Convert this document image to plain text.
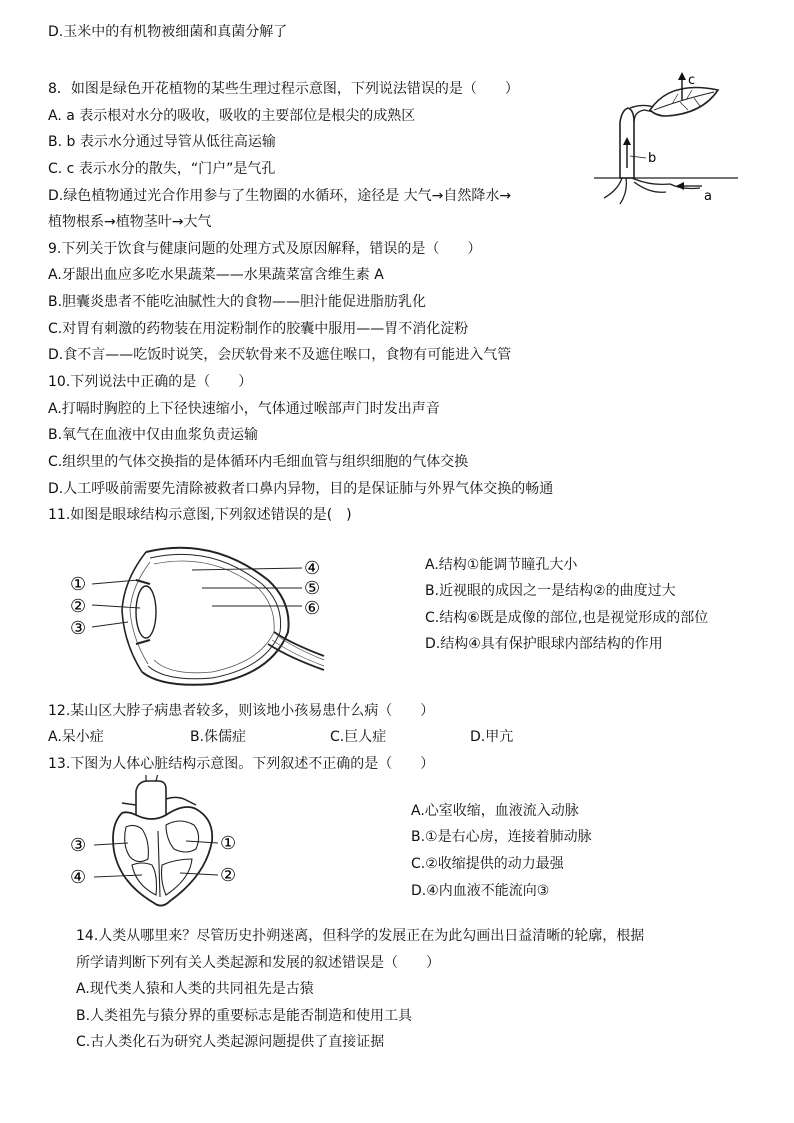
D.玉米中的有机物被细菌和真菌分解了
8．如图是绿色开花植物的某些生理过程示意图，下列说法错误的是（　　）
A. a 表示根对水分的吸收，吸收的主要部位是根尖的成熟区
B. b 表示水分通过导管从低往高运输
C. c 表示水分的散失，“门户”是气孔
D.绿色植物通过光合作用参与了生物圈的水循环，途径是 大气→自然降水→
植物根系→植物茎叶→大气
c
b
a
9.下列关于饮食与健康问题的处理方式及原因解释，错误的是（　　）
A.牙龈出血应多吃水果蔬菜——水果蔬菜富含维生素 A
B.胆囊炎患者不能吃油腻性大的食物——胆汁能促进脂肪乳化
C.对胃有刺激的药物装在用淀粉制作的胶囊中服用——胃不消化淀粉
D.食不言——吃饭时说笑，会厌软骨来不及遮住喉口，食物有可能进入气管
10.下列说法中正确的是（　　）
A.打嗝时胸腔的上下径快速缩小，气体通过喉部声门时发出声音
B.氧气在血液中仅由血浆负责运输
C.组织里的气体交换指的是体循环内毛细血管与组织细胞的气体交换
D.人工呼吸前需要先清除被救者口鼻内异物，目的是保证肺与外界气体交换的畅通
11.如图是眼球结构示意图,下列叙述错误的是(　)
①
②
③
④
⑤
⑥
A.结构①能调节瞳孔大小
B.近视眼的成因之一是结构②的曲度过大
C.结构⑥既是成像的部位,也是视觉形成的部位
D.结构④具有保护眼球内部结构的作用
12.某山区大脖子病患者较多，则该地小孩易患什么病（　　）
A.呆小症	B.侏儒症	C.巨人症	D.甲亢
13.下图为人体心脏结构示意图。下列叙述不正确的是（　　）
③
④
①
②
A.心室收缩，血液流入动脉
B.①是右心房，连接着肺动脉
C.②收缩提供的动力最强
D.④内血液不能流向③
14.人类从哪里来？尽管历史扑朔迷离，但科学的发展正在为此勾画出日益清晰的轮廓，根据
所学请判断下列有关人类起源和发展的叙述错误是（　　）
A.现代类人猿和人类的共同祖先是古猿
B.人类祖先与猿分界的重要标志是能否制造和使用工具
C.古人类化石为研究人类起源问题提供了直接证据
